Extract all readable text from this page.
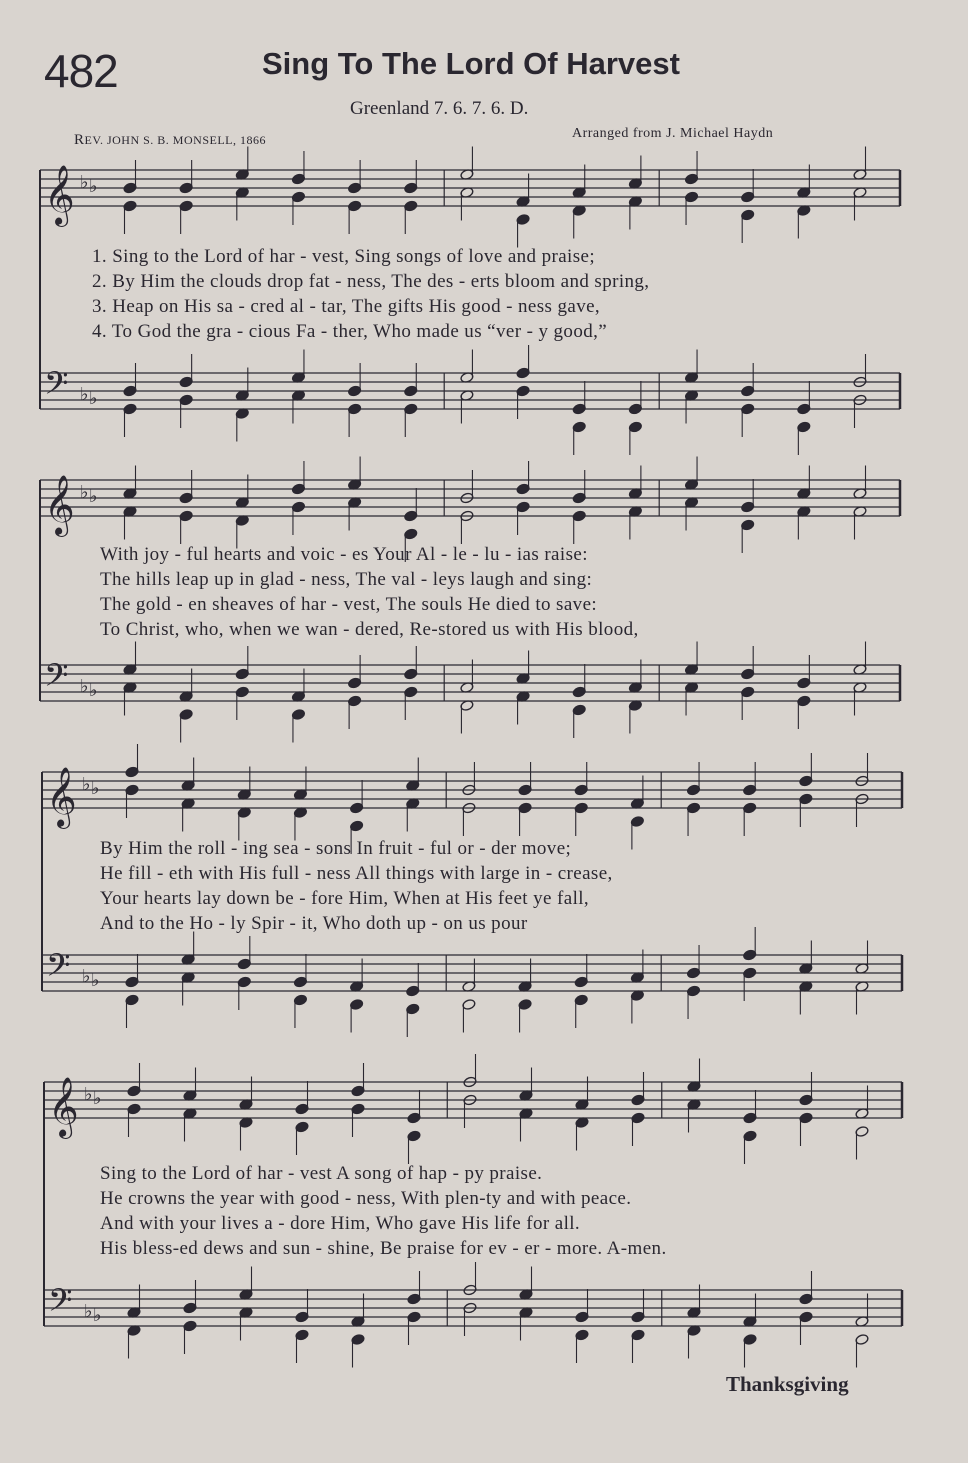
482	Sing To The Lord Of Harvest
Greenland 7. 6. 7. 6. D.
REV. JOHN S. B. MONSELL, 1866	Arranged from J. Michael Haydn
𝄞 ♭ ♭
𝄢 ♭ ♭
𝄞 ♭ ♭
𝄢 ♭ ♭
𝄞 ♭ ♭
𝄢 ♭ ♭
𝄞 ♭ ♭
𝄢 ♭ ♭
1. Sing to the Lord of har - vest, Sing songs of love and praise;
2. By Him the clouds drop fat - ness, The des - erts bloom and spring,
3. Heap on His sa - cred al - tar, The gifts His good - ness gave,
4. To God the gra - cious Fa - ther, Who made us “ver - y good,”
With joy - ful hearts and voic - es Your Al - le - lu - ias raise:
The hills leap up in glad - ness, The val - leys laugh and sing:
The gold - en sheaves of har - vest, The souls He died to save:
To Christ, who, when we wan - dered, Re-stored us with His blood,
By Him the roll - ing sea - sons In fruit - ful or - der move;
He fill - eth with His full - ness All things with large in - crease,
Your hearts lay down be - fore Him, When at His feet ye fall,
And to the Ho - ly Spir - it, Who doth up - on us pour
Sing to the Lord of har - vest A song of hap - py praise.
He crowns the year with good - ness, With plen-ty and with peace.
And with your lives a - dore Him, Who gave His life for all.
His bless-ed dews and sun - shine, Be praise for ev - er - more. A-men.
Thanksgiving
